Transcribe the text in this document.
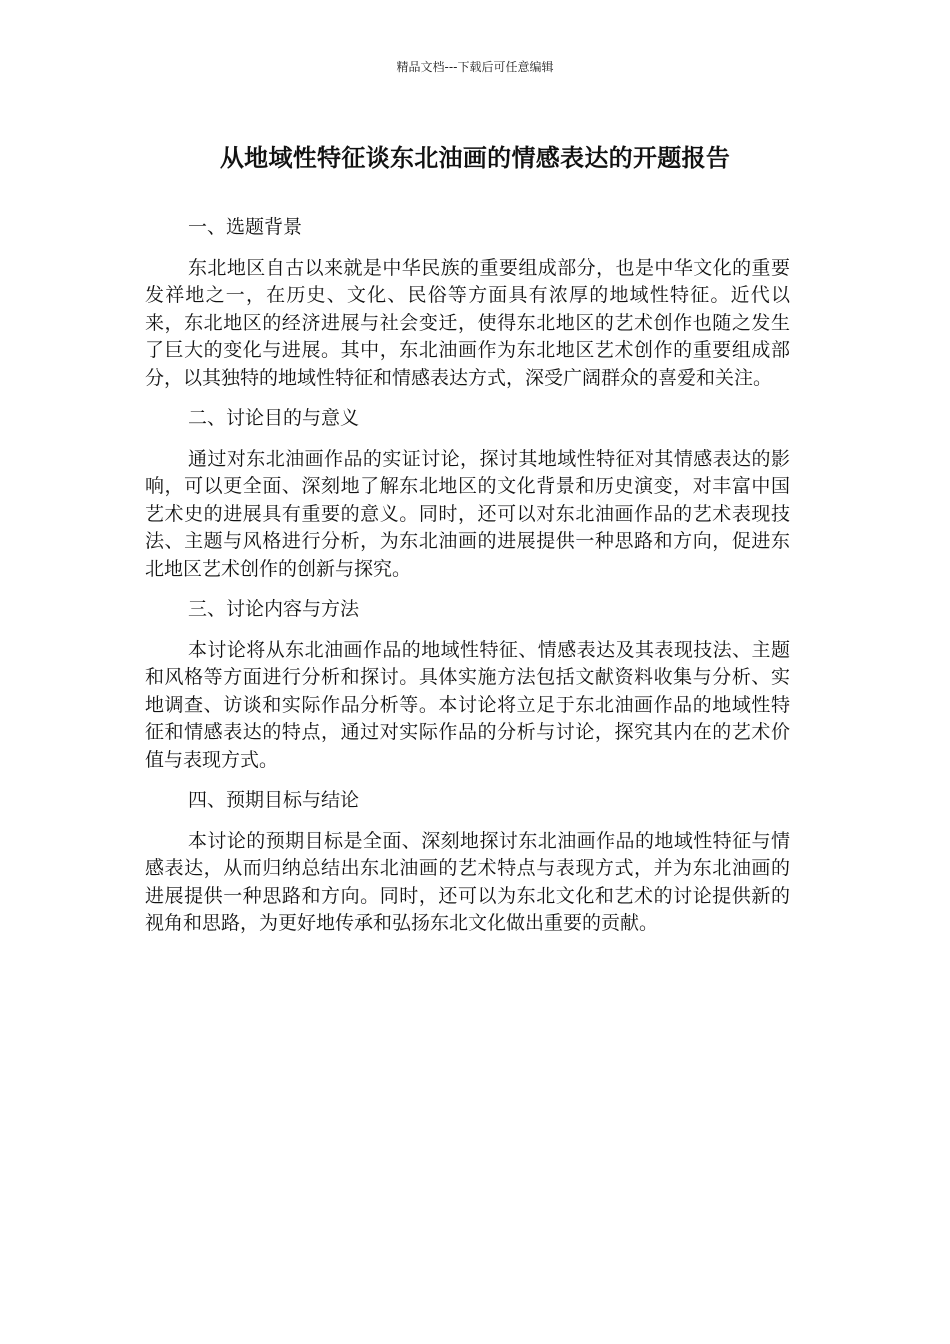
精品文档---下载后可任意编辑
从地域性特征谈东北油画的情感表达的开题报告

一、选题背景

东北地区自古以来就是中华民族的重要组成部分，也是中华文化的重要发祥地之一，在历史、文化、民俗等方面具有浓厚的地域性特征。近代以来，东北地区的经济进展与社会变迁，使得东北地区的艺术创作也随之发生了巨大的变化与进展。其中，东北油画作为东北地区艺术创作的重要组成部分，以其独特的地域性特征和情感表达方式，深受广阔群众的喜爱和关注。

二、讨论目的与意义

通过对东北油画作品的实证讨论，探讨其地域性特征对其情感表达的影响，可以更全面、深刻地了解东北地区的文化背景和历史演变，对丰富中国艺术史的进展具有重要的意义。同时，还可以对东北油画作品的艺术表现技法、主题与风格进行分析，为东北油画的进展提供一种思路和方向，促进东北地区艺术创作的创新与探究。

三、讨论内容与方法

本讨论将从东北油画作品的地域性特征、情感表达及其表现技法、主题和风格等方面进行分析和探讨。具体实施方法包括文献资料收集与分析、实地调查、访谈和实际作品分析等。本讨论将立足于东北油画作品的地域性特征和情感表达的特点，通过对实际作品的分析与讨论，探究其内在的艺术价值与表现方式。

四、预期目标与结论

本讨论的预期目标是全面、深刻地探讨东北油画作品的地域性特征与情感表达，从而归纳总结出东北油画的艺术特点与表现方式，并为东北油画的进展提供一种思路和方向。同时，还可以为东北文化和艺术的讨论提供新的视角和思路，为更好地传承和弘扬东北文化做出重要的贡献。
